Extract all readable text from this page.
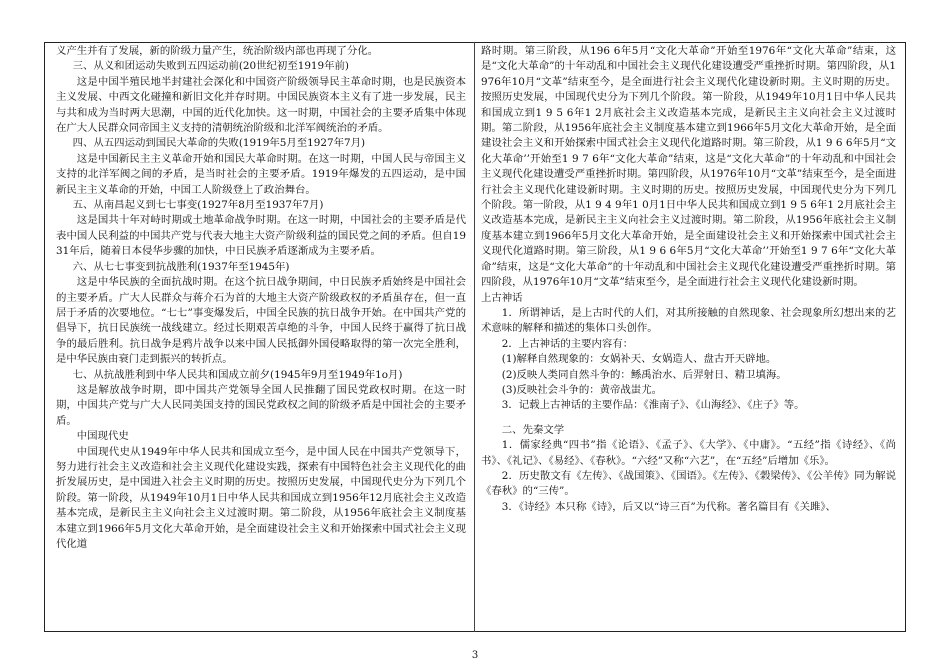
义产生并有了发展，新的阶级力量产生，统治阶级内部也再现了分化。

三、从义和团运动失败到五四运动前(20世纪初至1919年前)

这是中国半殖民地半封建社会深化和中国资产阶级领导民主革命时期，也是民族资本主义发展、中西文化碰撞和新旧文化并存时期。中国民族资本主义有了进一步发展，民主与共和成为当时两大思潮，中国的近代化加快。这一时期，中国社会的主要矛盾集中体现在广大人民群众同帝国主义支持的清朝统治阶级和北洋军阀统治的矛盾。

四、从五四运动到国民大革命的失败(1919年5月至1927年7月)

这是中国新民主主义革命开始和国民大革命时期。在这一时期，中国人民与帝国主义支持的北洋军阀之间的矛盾，是当时社会的主要矛盾。1919年爆发的五四运动，是中国新民主主义革命的开始，中国工人阶级登上了政治舞台。

五、从南昌起义到七七事变(1927年8月至1937年7月)

这是国共十年对峙时期或土地革命战争时期。在这一时期，中国社会的主要矛盾是代表中国人民利益的中国共产党与代表大地主大资产阶级利益的国民党之间的矛盾。但自1931年后，随着日本侵华步骤的加快，中日民族矛盾逐渐成为主要矛盾。

六、从七七事变到抗战胜利(1937年至1945年)

这是中华民族的全面抗战时期。在这个抗日战争期间，中日民族矛盾始终是中国社会的主要矛盾。广大人民群众与蒋介石为首的大地主大资产阶级政权的矛盾虽存在，但一直居于矛盾的次要地位。“七七”事变爆发后，中国全民族的抗日战争开始。在中国共产党的倡导下，抗日民族统一战线建立。经过长期艰苦卓绝的斗争，中国人民终于赢得了抗日战争的最后胜利。抗日战争是鸦片战争以来中国人民抵御外国侵略取得的第一次完全胜利，是中华民族由衰门走到振兴的转折点。

七、从抗战胜利到中华人民共和国成立前夕(1945年9月至1949年1o月)

这是解放战争时期，即中国共产党领导全国人民推翻了国民党政权时期。在这一时期，中国共产党与广大人民同美国支持的国民党政权之间的阶级矛盾是中国社会的主要矛盾。

中国现代史

中国现代史从1949年中华人民共和国成立至今，是中国人民在中国共产党领导下，努力进行社会主义改造和社会主义现代化建设实践，探索有中国特色社会主义现代化的曲折发展历史，是中国进入社会主义时期的历史。按照历史发展，中国现代史分为下列几个阶段。第一阶段，从1949年10月1日中华人民共和国成立到1956年12月底社会主义改造基本完成，是新民主主义向社会主义过渡时期。第二阶段，从1956年底社会主义制度基本建立到1966年5月文化大革命开始，是全面建设社会主义和开始探索中国式社会主义现代化道

路时期。第三阶段，从196 6年5月“文化大革命”开始至1976年“文化大革命”结束，这是“文化大革命”的十年动乱和中国社会主义现代化建设遭受严重挫折时期。第四阶段，从1976年10月“文革”结束至今，是全面进行社会主义现代化建设新时期。主义时期的历史。按照历史发展，中国现代史分为下列几个阶段。第一阶段，从1949年10月1日中华人民共和国成立到1 9 5 6年1 2月底社会主义改造基本完成，是新民主主义向社会主义过渡时期。第二阶段，从1956年底社会主义制度基本建立到1966年5月文化大革命开始，是全面建设社会主义和开始探索中国式社会主义现代化道路时期。第三阶段，从1 9 6 6年5月“文化大革命’’开始至1 9 7 6年“文化大革命”结束，这是“文化大革命”的十年动乱和中国社会主义现代化建设遭受严重挫折时期。第四阶段，从1976年10月“文革”结束至今，是全面进行社会主义现代化建设新时期。主义时期的历史。按照历史发展，中国现代史分为下列几个阶段。第一阶段，从1 9 4 9年1 0月1日中华人民共和国成立到1 9 5 6年1 2月底社会主义改造基本完成，是新民主主义向社会主义过渡时期。第二阶段，从1956年底社会主义制度基本建立到1966年5月文化大革命开始，是全面建设社会主义和开始探索中国式社会主义现代化道路时期。第三阶段，从1 9 6 6年5月“文化大革命’’开始至1 9 7 6年“文化大革命”结束，这是“文化大革命”的十年动乱和中国社会主义现代化建设遭受严重挫折时期。第四阶段，从1976年10月“文革”结束至今，是全面进行社会主义现代化建设新时期。

上古神话

1．所谓神话，是上古时代的人们，对其所接触的自然现象、社会现象所幻想出来的艺术意味的解释和描述的集体口头创作。

2．上古神话的主要内容有：

(1)解释自然现象的：女娲补天、女娲造人、盘古开天辟地。

(2)反映人类同自然斗争的：鲧禹治水、后羿射日、精卫填海。

(3)反映社会斗争的：黄帝战蚩尤。

3．记载上古神话的主要作品：《淮南子》、《山海经》、《庄子》等。

二、先秦文学

1．儒家经典“四书”指《论语》、《孟子》、《大学》、《中庸》。“五经”指《诗经》、《尚书》、《礼记》、《易经》、《春秋》。“六经”又称“六艺”，在“五经”后增加《乐》。

2．历史散文有《左传》、《战国策》、《国语》。《左传》、《榖梁传》、《公羊传》同为解说《春秋》的“三传”。

3．《诗经》本只称《诗》，后又以“诗三百”为代称。著名篇目有《关雎》、

3
